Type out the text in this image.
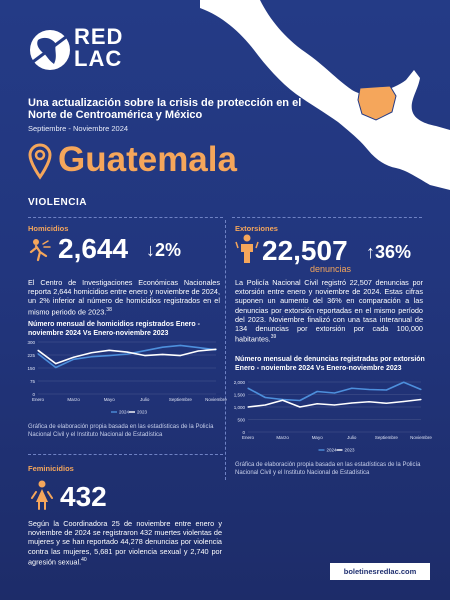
RED
LAC
Una actualización sobre la crisis de protección en el Norte de Centroamérica y México
Septiembre - Noviembre 2024
Guatemala
VIOLENCIA
Homicidios
2,644 ↓2%
El Centro de Investigaciones Económicas Nacionales reporta 2,644 homicidios entre enero y noviembre de 2024, un 2% inferior al número de homicidios registrados en el mismo periodo de 2023.38
Número mensual de homicidios registrados Enero - noviembre 2024 Vs Enero-noviembre 2023
0
75
150
225
300
Enero	Marzo	Mayo	Julio	Septiembre	Noviembre
2024 2023
Gráfica de elaboración propia basada en las estadísticas de la Policía Nacional Civil y el Instituto Nacional de Estadística
Extorsiones
22,507 ↑36%
denuncias
La Policía Nacional Civil registró 22,507 denuncias por extorsión entre enero y noviembre de 2024. Estas cifras suponen un aumento del 36% en comparación a las denuncias por extorsión reportadas en el mismo período del 2023. Noviembre finalizó con una tasa interanual de 134 denuncias por extorsión por cada 100,000 habitantes.$^{39}$
Número mensual de denuncias registradas por extorsión Enero - noviembre 2024 Vs Enero-noviembre 2023
0
500
1,000
1,500
2,000
Enero	Marzo	Mayo	Julio	Septiembre	Noviembre
2024 2023
Gráfica de elaboración propia basada en las estadísticas de la Policía Nacional Civil y el Instituto Nacional de Estadística
Feminicidios
432
Según la Coordinadora 25 de noviembre entre enero y noviembre de 2024 se registraron 432 muertes violentas de mujeres y se han reportado 44,278 denuncias por violencia contra las mujeres, 5,681 por violencia sexual y 2,740 por agresión sexual.$^{40}$
boletinesredlac.com
